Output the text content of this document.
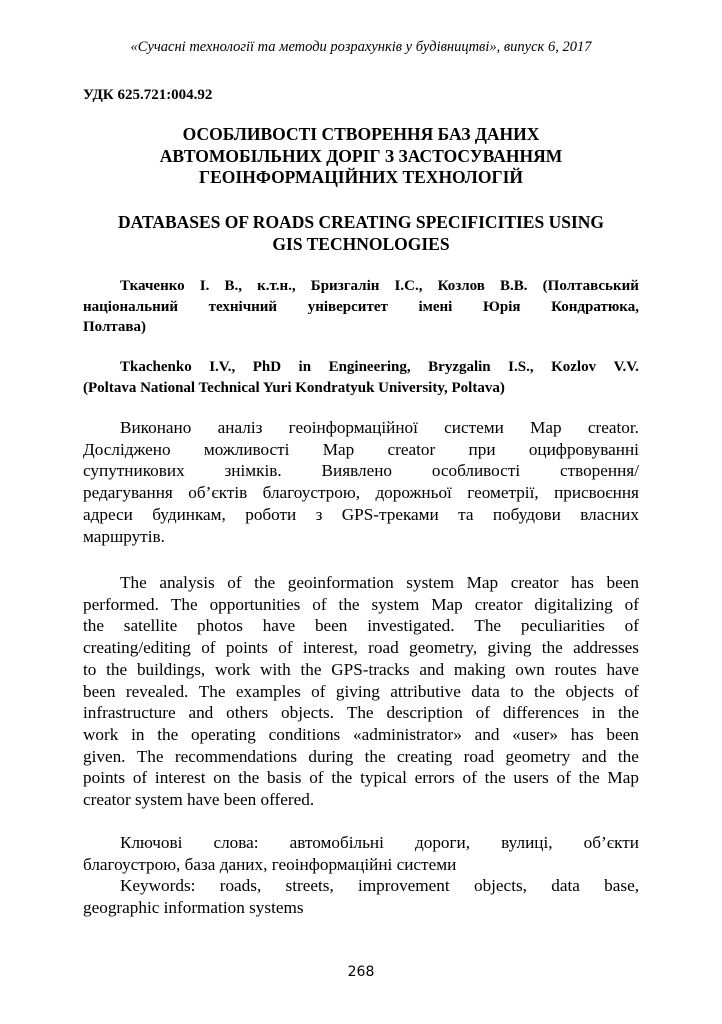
«Сучасні технології та методи розрахунків у будівництві», випуск 6, 2017
УДК 625.721:004.92
ОСОБЛИВОСТІ СТВОРЕННЯ БАЗ ДАНИХ
АВТОМОБІЛЬНИХ ДОРІГ З ЗАСТОСУВАННЯМ
ГЕОІНФОРМАЦІЙНИХ ТЕХНОЛОГІЙ
DATABASES OF ROADS CREATING SPECIFICITIES USING
GIS TECHNOLOGIES
Ткаченко І. В., к.т.н., Бризгалін І.С., Козлов В.В. (Полтавський
національний технічний університет імені Юрія Кондратюка,
Полтава)
Tkachenko I.V., PhD in Engineering, Bryzgalin I.S., Kozlov V.V.
(Poltava National Technical Yuri Kondratyuk University, Poltava)
Виконано аналіз геоінформаційної системи Map creator.
Досліджено можливості Map creator при оцифровуванні
супутникових знімків. Виявлено особливості створення/
редагування об’єктів благоустрою, дорожньої геометрії, присвоєння
адреси будинкам, роботи з GPS-треками та побудови власних
маршрутів.
The analysis of the geoinformation system Map creator has been
performed. The opportunities of the system Map creator digitalizing of
the satellite photos have been investigated. The peculiarities of
creating/editing of points of interest, road geometry, giving the addresses
to the buildings, work with the GPS-tracks and making own routes have
been revealed. The examples of giving attributive data to the objects of
infrastructure and others objects. The description of differences in the
work in the operating conditions «administrator» and «user» has been
given. The recommendations during the creating road geometry and the
points of interest on the basis of the typical errors of the users of the Map
creator system have been offered.
Ключові слова: автомобільні дороги, вулиці, об’єкти
благоустрою, база даних, геоінформаційні системи
Keywords: roads, streets, improvement objects, data base,
geographic information systems
268
